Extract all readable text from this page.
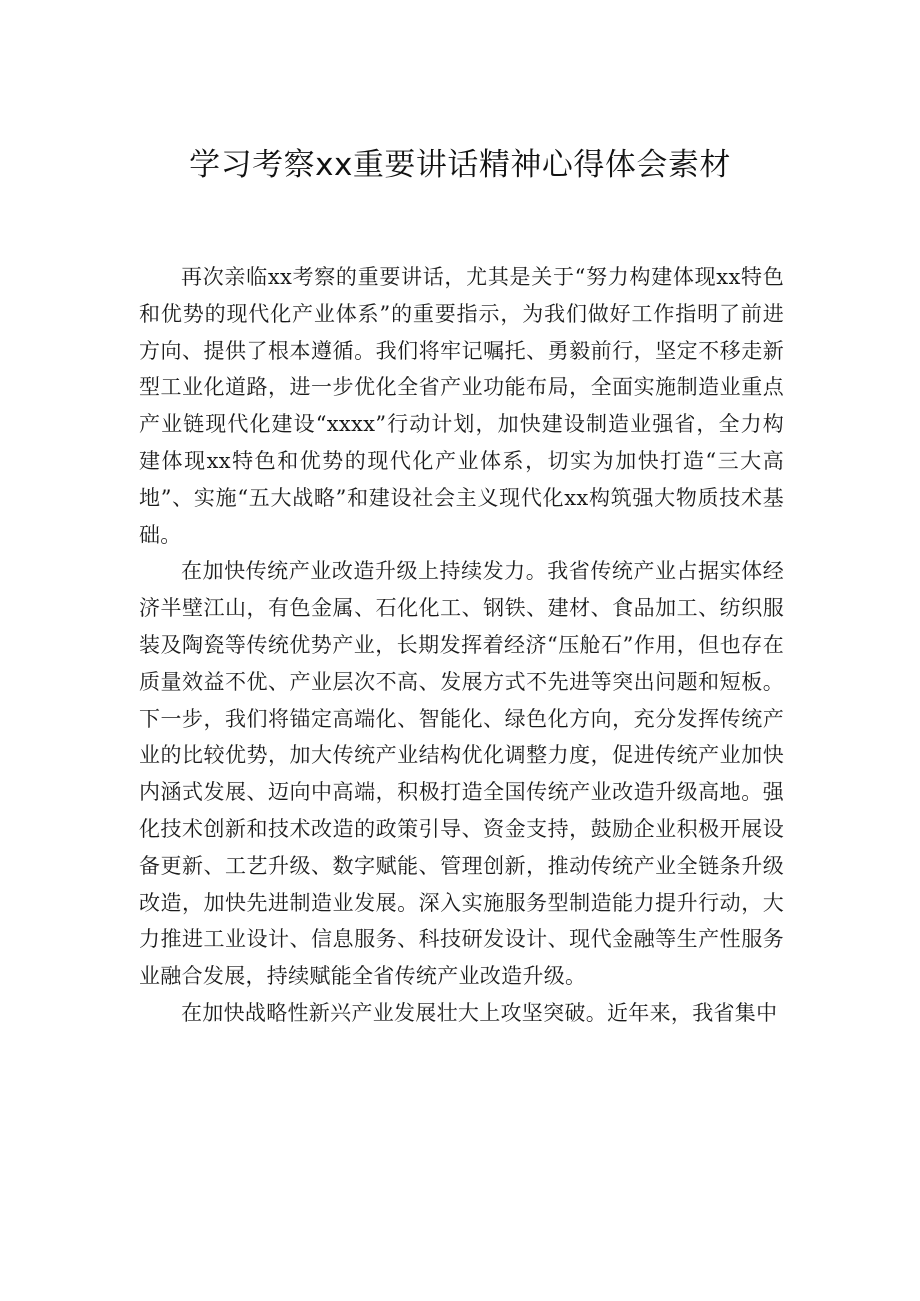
学习考察xx重要讲话精神心得体会素材

再次亲临xx考察的重要讲话，尤其是关于“努力构建体现xx特色和优势的现代化产业体系”的重要指示，为我们做好工作指明了前进方向、提供了根本遵循。我们将牢记嘱托、勇毅前行，坚定不移走新型工业化道路，进一步优化全省产业功能布局，全面实施制造业重点产业链现代化建设“xxxx”行动计划，加快建设制造业强省，全力构建体现xx特色和优势的现代化产业体系，切实为加快打造“三大高地”、实施“五大战略”和建设社会主义现代化xx构筑强大物质技术基础。

在加快传统产业改造升级上持续发力。我省传统产业占据实体经济半壁江山，有色金属、石化化工、钢铁、建材、食品加工、纺织服装及陶瓷等传统优势产业，长期发挥着经济“压舱石”作用，但也存在质量效益不优、产业层次不高、发展方式不先进等突出问题和短板。下一步，我们将锚定高端化、智能化、绿色化方向，充分发挥传统产业的比较优势，加大传统产业结构优化调整力度，促进传统产业加快内涵式发展、迈向中高端，积极打造全国传统产业改造升级高地。强化技术创新和技术改造的政策引导、资金支持，鼓励企业积极开展设备更新、工艺升级、数字赋能、管理创新，推动传统产业全链条升级改造，加快先进制造业发展。深入实施服务型制造能力提升行动，大力推进工业设计、信息服务、科技研发设计、现代金融等生产性服务业融合发展，持续赋能全省传统产业改造升级。

在加快战略性新兴产业发展壮大上攻坚突破。近年来，我省集中
